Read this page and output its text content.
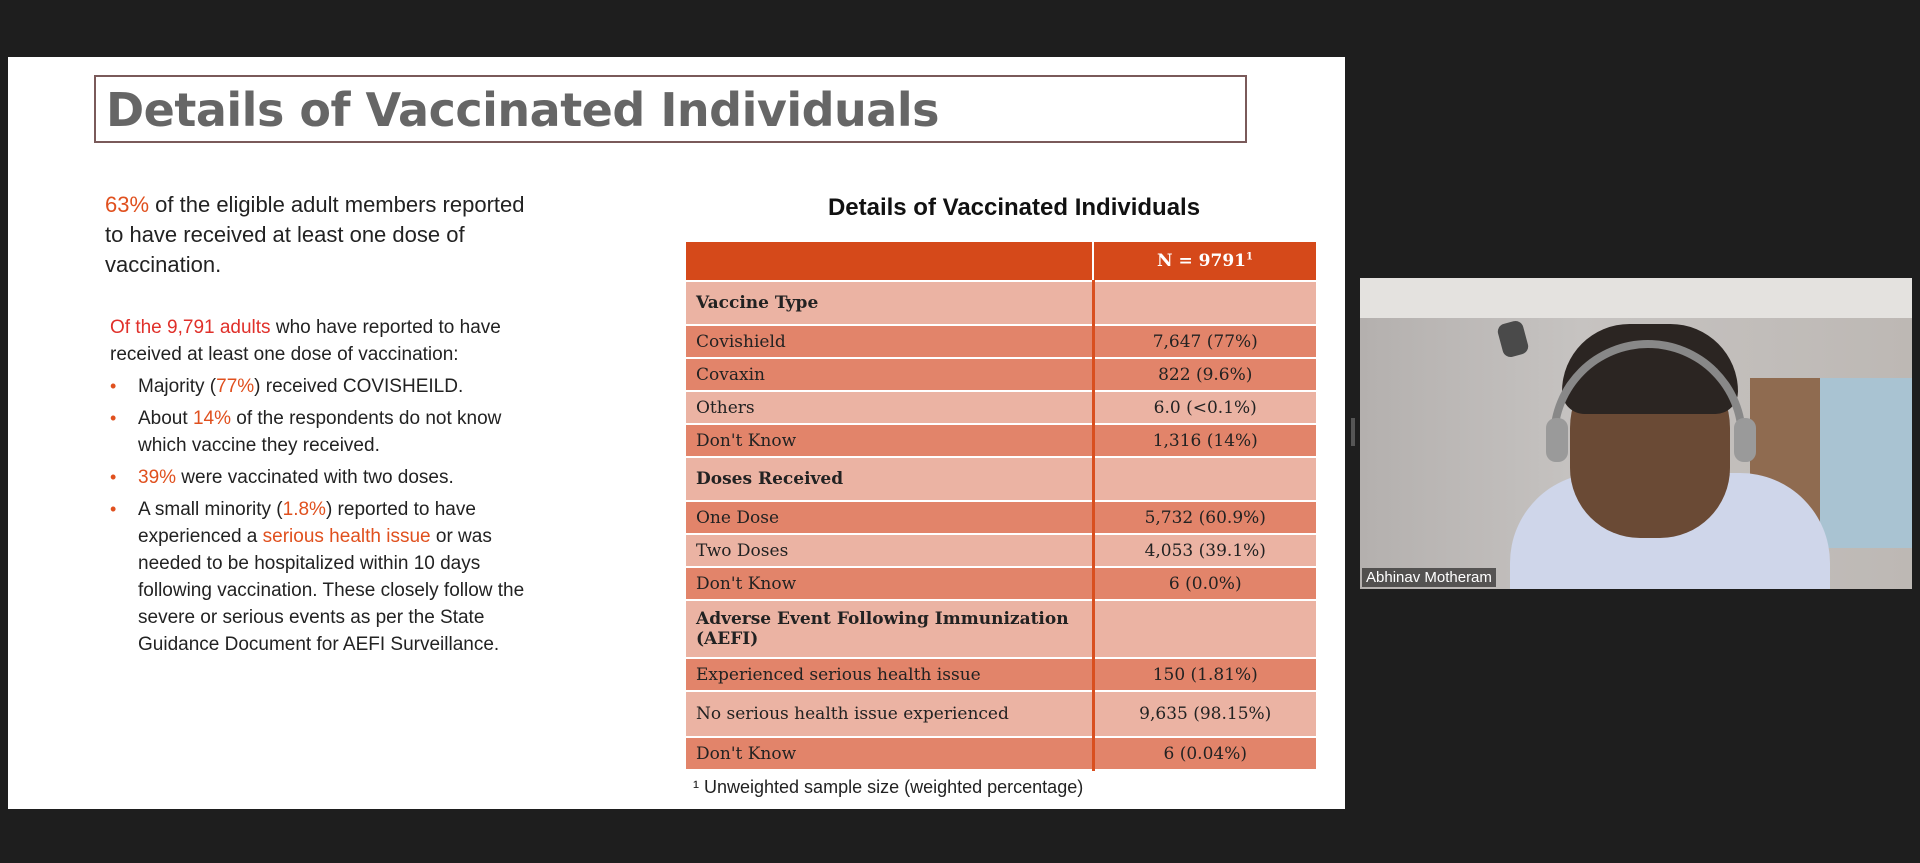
Details of Vaccinated Individuals
63% of the eligible adult members reported to have received at least one dose of vaccination.
Of the 9,791 adults who have reported to have received at least one dose of vaccination:
• Majority (77%) received COVISHEILD.
• About 14% of the respondents do not know which vaccine they received.
• 39% were vaccinated with two doses.
• A small minority (1.8%) reported to have experienced a serious health issue or was needed to be hospitalized within 10 days following vaccination. These closely follow the severe or serious events as per the State Guidance Document for AEFI Surveillance.
Details of Vaccinated Individuals
	$N = 9791^1$
Vaccine Type	
Covishield	7,647 (77%)
Covaxin	822 (9.6%)
Others	6.0 (<0.1%)
Don't Know	1,316 (14%)
Doses Received	
One Dose	5,732 (60.9%)
Two Doses	4,053 (39.1%)
Don't Know	6 (0.0%)
Adverse Event Following Immunization (AEFI)	
Experienced serious health issue	150 (1.81%)
No serious health issue experienced	9,635 (98.15%)
Don't Know	6 (0.04%)
¹ Unweighted sample size (weighted percentage)
Abhinav Motheram
